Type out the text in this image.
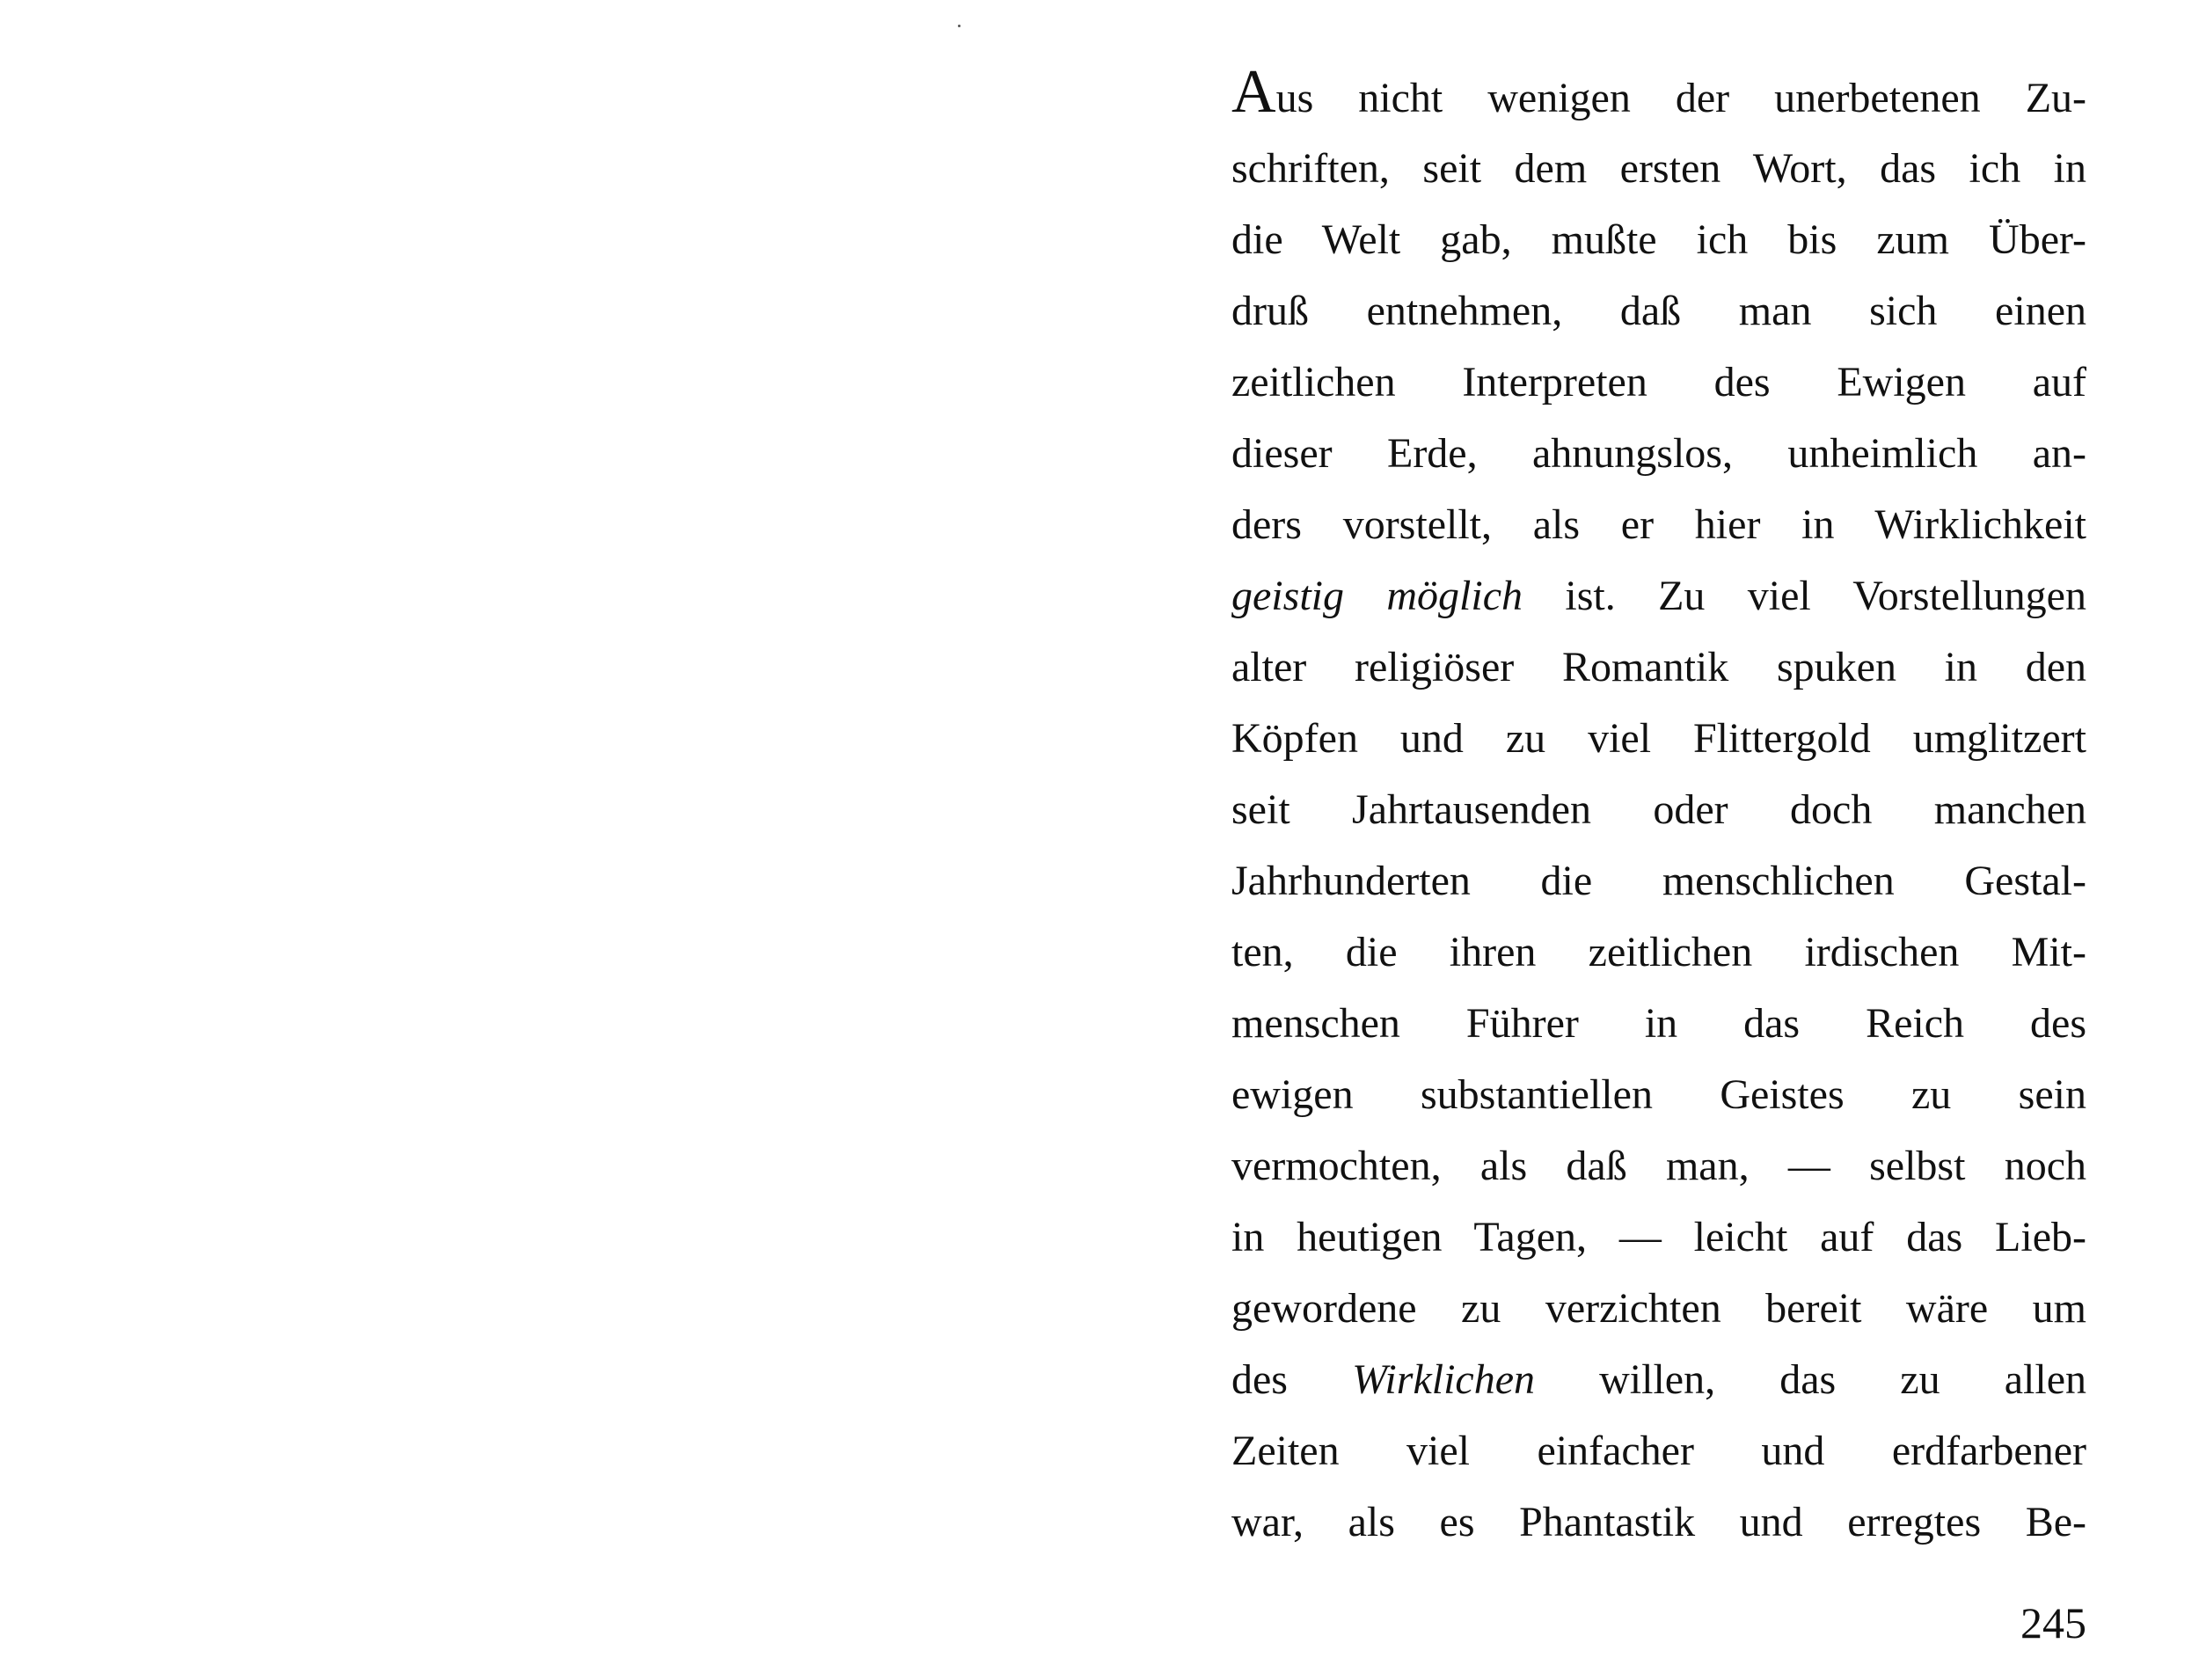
Aus nicht wenigen der unerbetenen Zu-
schriften, seit dem ersten Wort, das ich in
die Welt gab, mußte ich bis zum Über-
druß entnehmen, daß man sich einen
zeitlichen Interpreten des Ewigen auf
dieser Erde, ahnungslos, unheimlich an-
ders vorstellt, als er hier in Wirklichkeit
geistig möglich ist. Zu viel Vorstellungen
alter religiöser Romantik spuken in den
Köpfen und zu viel Flittergold umglitzert
seit Jahrtausenden oder doch manchen
Jahrhunderten die menschlichen Gestal-
ten, die ihren zeitlichen irdischen Mit-
menschen Führer in das Reich des
ewigen substantiellen Geistes zu sein
vermochten, als daß man, — selbst noch
in heutigen Tagen, — leicht auf das Lieb-
gewordene zu verzichten bereit wäre um
des Wirklichen willen, das zu allen
Zeiten viel einfacher und erdfarbener
war, als es Phantastik und erregtes Be-
245
